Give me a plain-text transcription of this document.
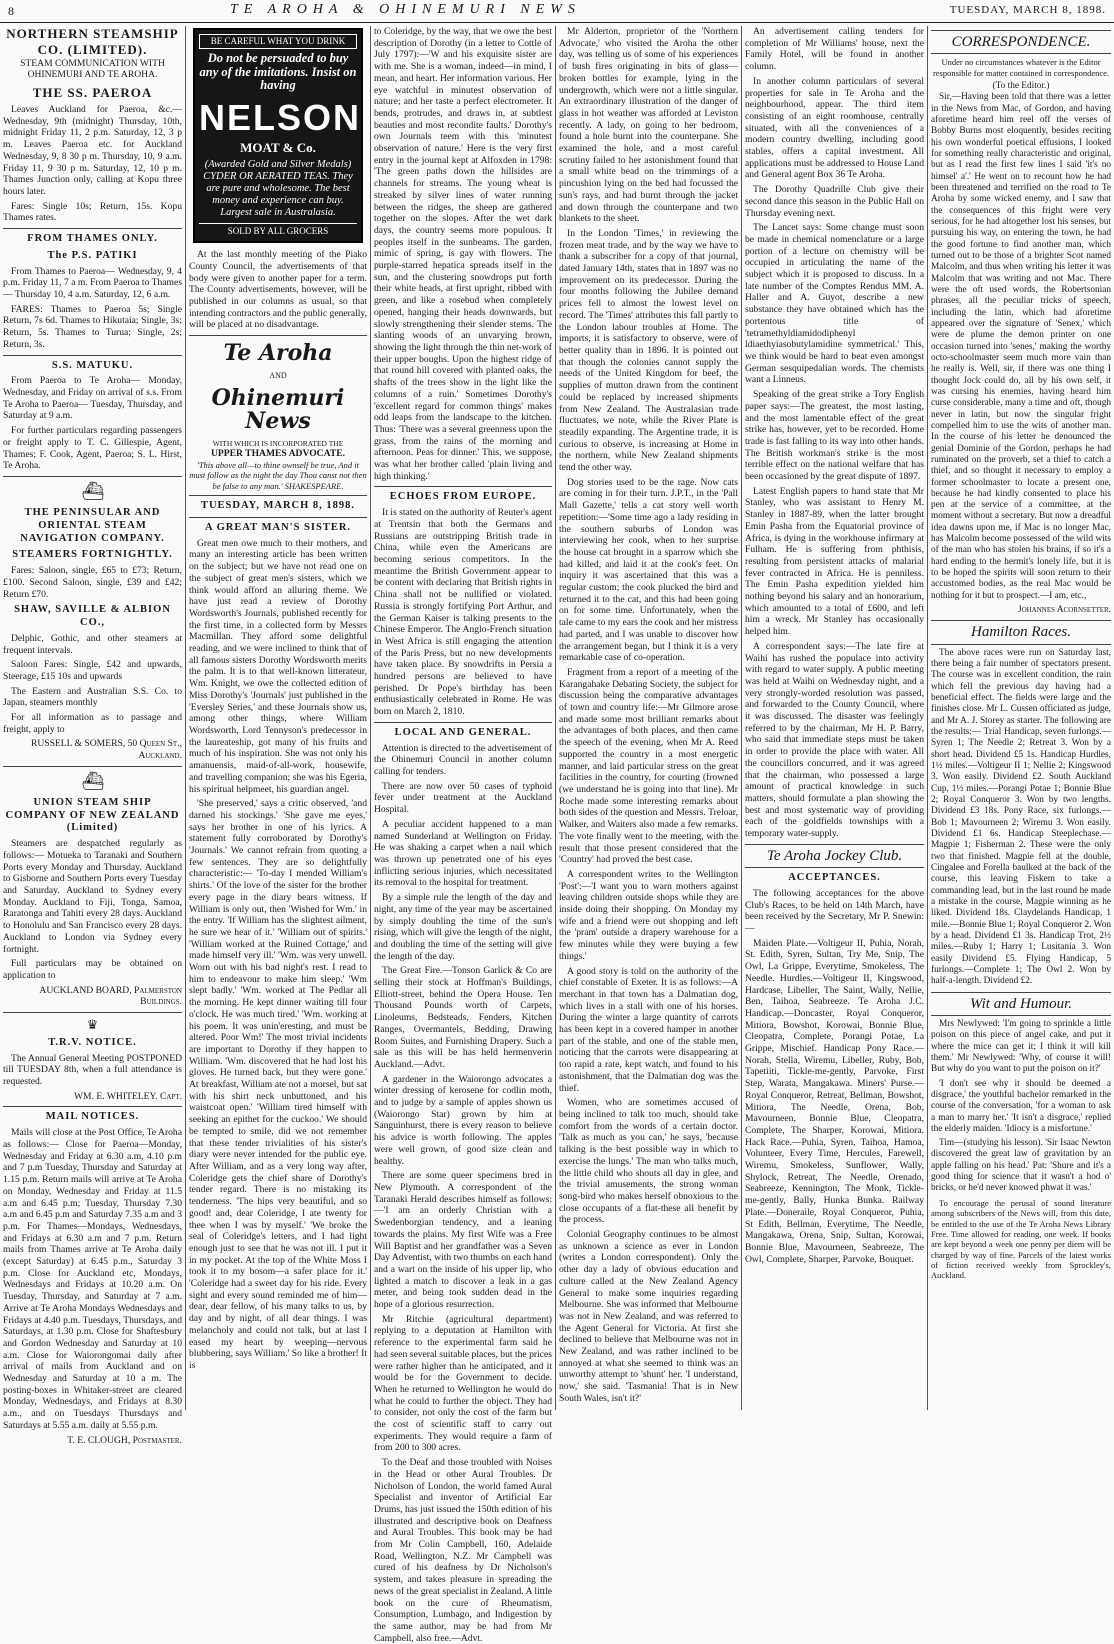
8	TE AROHA & OHINEMURI NEWS	TUESDAY, MARCH 8, 1898.
NORTHERN STEAMSHIP CO. (LIMITED).
STEAM COMMUNICATION WITH OHINEMURI AND TE AROHA.
THE SS. PAEROA

Leaves Auckland for Paeroa, &c.— Wednesday, 9th (midnight) Thursday, 10th, midnight Friday 11, 2 p.m. Saturday, 12, 3 p m. Leaves Paeroa etc. for Auckland Wednesday, 9, 8 30 p m. Thursday, 10, 9 a.m. Friday 11, 9 30 p m. Saturday, 12, 10 p m. Thames Junction only, calling at Kopu three hours later.

Fares: Single 10s; Return, 15s. Kopu Thames rates.

FROM THAMES ONLY.
The P.S. PATIKI

From Thames to Paeroa— Wednesday, 9, 4 p.m. Friday 11, 7 a m. From Paeroa to Thames— Thursday 10, 4 a.m. Saturday, 12, 6 a.m.

FARES: Thames to Paeroa 5s; Single Return, 7s 6d. Thames to Hikutaia; Single, 3s; Return, 5s. Thames to Turua; Single, 2s; Return, 3s.

S.S. MATUKU.

From Paeroa to Te Aroha— Monday, Wednesday, and Friday on arrival of s.s. From Te Aroha to Paeroa— Tuesday, Thursday, and Saturday at 9 a.m.

For further particulars regarding passengers or freight apply to T. C. Gillespie, Agent, Thames; F. Cook, Agent, Paeroa; S. L. Hirst, Te Aroha.

⛴
THE PENINSULAR AND ORIENTAL STEAM NAVIGATION COMPANY.
STEAMERS FORTNIGHTLY.

Fares: Saloon, single, £65 to £73; Return, £100. Second Saloon, single, £39 and £42; Return £70.

SHAW, SAVILLE & ALBION CO.,

Delphic, Gothic, and other steamers at frequent intervals.

Saloon Fares: Single, £42 and upwards, Steerage, £15 10s and upwards

The Eastern and Australian S.S. Co. to Japan, steamers monthly

For all information as to passage and freight, apply to

RUSSELL & SOMERS, 50 Queen St., Auckland.
⛴
UNION STEAM SHIP COMPANY OF NEW ZEALAND (Limited)

Steamers are despatched regularly as follows:— Motueka to Taranaki and Southern Ports every Monday and Thursday. Auckland to Gisborne and Southern Ports every Tuesday and Saturday. Auckland to Sydney every Monday. Auckland to Fiji, Tonga, Samoa, Raratonga and Tahiti every 28 days. Auckland to Honolulu and San Francisco every 28 days. Auckland to London via Sydney every fortnight.

Full particulars may be obtained on application to

AUCKLAND BOARD, Palmerston Buildings.
♛
T.R.V. NOTICE.

The Annual General Meeting POSTPONED till TUESDAY 8th, when a full attendance is requested.

WM. E. WHITELEY. Capt.
MAIL NOTICES.

Mails will close at the Post Office, Te Aroha as follows:— Close for Paeroa—Monday, Wednesday and Friday at 6.30 a.m, 4.10 p.m and 7 p.m Tuesday, Thursday and Saturday at 1.15 p.m. Return mails will arrive at Te Aroha on Monday, Wednesday and Friday at 11.5 a.m and 6.45 p.m; Tuesday, Thursday 7.30 a.m and 6.45 p.m and Saturday 7.35 a.m and 3 p.m. For Thames—Mondays, Wednesdays, and Fridays at 6.30 a.m and 7 p.m. Return mails from Thames arrive at Te Aroha daily (except Saturday) at 6.45 p.m., Saturday 3 p.m. Close for Auckland etc, Mondays, Wednesdays and Fridays at 10.20 a.m. On Tuesday, Thursday, and Saturday at 7 a.m. Arrive at Te Aroha Mondays Wednesdays and Fridays at 4.40 p.m. Tuesdays, Thursdays, and Saturdays, at 1.30 p.m. Close for Shaftesbury and Gordon Wednesday and Saturday at 10 a.m. Close for Waiorongomai daily after arrival of mails from Auckland and on Wednesday and Saturday at 10 a m. The posting-boxes in Whitaker-street are cleared Monday, Wednesdays, and Fridays at 8.30 a.m., and on Tuesdays Thursdays and Saturdays at 5.55 a.m. daily at 5.55 p.m.

T. E. CLOUGH, Postmaster.
BE CAREFUL WHAT YOU DRINK
Do not be persuaded to buy any of the imitations. Insist on having
NELSON
MOAT & Co.
(Awarded Gold and Silver Medals) CYDER OR AERATED TEAS. They are pure and wholesome. The best money and experience can buy. Largest sale in Australasia.
SOLD BY ALL GROCERS

At the last monthly meeting of the Piako County Council, the advertisements of that body were given to another paper for a term. The County advertisements, however, will be published in our columns as usual, so that intending contractors and the public generally, will be placed at no disadvantage.

Te Aroha
AND
Ohinemuri News
WITH WHICH IS INCORPORATED THE
UPPER THAMES ADVOCATE.

'This above all—to thine ownself be true, And it must follow as the night the day Thou canst not then be false to any man.' SHAKESPEARE.

TUESDAY, MARCH 8, 1898.
A GREAT MAN'S SISTER.

Great men owe much to their mothers, and many an interesting article has been written on the subject; but we have not read one on the subject of great men's sisters, which we think would afford an alluring theme. We have just read a review of Dorothy Wordsworth's Journals, published recently for the first time, in a collected form by Messrs Macmillan. They afford some delightful reading, and we were inclined to think that of all famous sisters Dorothy Wordsworth merits the palm. It is to that well-known litterateur, Wm. Knight, we owe the collected edition of Miss Dorothy's 'Journals' just published in the 'Eversley Series,' and these Journals show us, among other things, where William Wordsworth, Lord Tennyson's predecessor in the laureateship, got many of his fruits and much of his inspiration. She was not only his amanuensis, maid-of-all-work, housewife, and travelling companion; she was his Egeria, his spiritual helpmeet, his guardian angel.

'She preserved,' says a critic observed, 'and darned his stockings.' 'She gave me eyes,' says her brother in one of his lyrics. A statement fully corroborated by Dorothy's 'Journals.' We cannot refrain from quoting a few sentences. They are so delightfully characteristic:— 'To-day I mended William's shirts.' Of the love of the sister for the brother every page in the diary bears witness. If William is only out, then 'Wished for Wm.' in the entry. 'If William has the slightest ailment, he sure we hear of it.' 'William out of spirits.' 'William worked at the Ruined Cottage,' and made himself very ill.' 'Wm. was very unwell. Worn out with his bad night's rest. I read to him to endeavour to make him sleep.' 'Wm slept badly.' 'Wm. worked at The Pedlar all the morning. He kept dinner waiting till four o'clock. He was much tired.' 'Wm. working at his poem. It was unin'eresting, and must be altered. Poor Wm!' The most trivial incidents are important to Dorothy if they happen to William. 'Wm. discovered that he had lost his gloves. He turned back, but they were gone.' At breakfast, William ate not a morsel, but sat with his shirt neck unbuttoned, and his waistcoat open.' 'William tired himself with seeking an epithet for the cuckoo.' We should be tempted to smile, did we not remember that these tender trivialities of his sister's diary were never intended for the public eye. After William, and as a very long way after, Coleridge gets the chief share of Dorothy's tender regard. There is no mistaking its tenderness. 'The hips very beautiful, and so good! and, dear Coleridge, I ate twenty for thee when I was by myself.' 'We broke the seal of Coleridge's letters, and I had light enough just to see that he was not ill. I put it in my pocket. At the top of the White Moss I took it to my bosom—a safer place for it.' 'Coleridge had a sweet day for his ride. Every sight and every sound reminded me of him—dear, dear fellow, of his many talks to us, by day and by night, of all dear things. I was melancholy and could not talk, but at last I eased my heart by weeping—nervous blubbering, says William.' So like a brother! It is

to Coleridge, by the way, that we owe the best description of Dorothy (in a letter to Cottle of July 1797):—'W and his exquisite sister are with me. She is a woman, indeed—in mind, I mean, and heart. Her information various. Her eye watchful in minutest observation of nature; and her taste a perfect electrometer. It bends, protrudes, and draws in, at subtlest beauties and most recondite faults.' Dorothy's own Journals teem with this 'minutest observation of nature.' Here is the very first entry in the journal kept at Alfoxden in 1798: 'The green paths down the hillsides are channels for streams. The young wheat is streaked by silver lines of water running between the ridges, the sheep are gathered together on the slopes. After the wet dark days, the country seems more populous. It peoples itself in the sunbeams. The garden, mimic of spring, is gay with flowers. The purple-starred hepatica spreads itself in the sun, and the clustering snowdrops put forth their white heads, at first upright, ribbed with green, and like a rosebud when completely opened, hanging their heads downwards, but slowly strengthening their slender stems. The slanting woods of an unvarying brown, showing the light through the thin net-work of their upper boughs. Upon the highest ridge of that round hill covered with planted oaks, the shafts of the trees show in the light like the columns of a ruin.' Sometimes Dorothy's 'excellent regard for common things' makes odd leaps from the landscape to the kitchen. Thus: 'There was a several greenness upon the grass, from the rains of the morning and afternoon. Peas for dinner.' This, we suppose, was what her brother called 'plain living and high thinking.'

ECHOES FROM EUROPE.

It is stated on the authority of Reuter's agent at Trentsin that both the Germans and Russians are outstripping British trade in China, while even the Americans are becoming serious competitors. In the meantime the British Government appear to be content with declaring that British rights in China shall not be nullified or violated. Russia is strongly fortifying Port Arthur, and the German Kaiser is talking presents to the Chinese Emperor. The Anglo-French situation in West Africa is still engaging the attention of the Paris Press, but no new developments have taken place. By snowdrifts in Persia a hundred persons are believed to have perished. Dr Pope's birthday has been enthusiastically celebrated in Rome. He was born on March 2, 1810.

LOCAL AND GENERAL.

Attention is directed to the advertisement of the Ohinemuri Council in another column calling for tenders.

There are now over 50 cases of typhoid fever under treatment at the Auckland Hospital.

A peculiar accident happened to a man named Sunderland at Wellington on Friday. He was shaking a carpet when a nail which was thrown up penetrated one of his eyes inflicting serious injuries, which necessitated its removal to the hospital for treatment.

By a simple rule the length of the day and night, any time of the year may be ascertained by simply doubling the time of the sun's rising, which will give the length of the night, and doubling the time of the setting will give the length of the day.

The Great Fire.—Tonson Garlick & Co are selling their stock at Hoffman's Buildings, Elliott-street, behind the Opera House. Ten Thousand Pounds worth of Carpets, Linoleums, Bedsteads, Fenders, Kitchen Ranges, Overmantels, Bedding, Drawing Room Suites, and Furnishing Drapery. Such a sale as this will be has held hermenverin Auckland.—Advt.

A gardener in the Waiorongo advocates a winter dressing of kerosene for codlin moth, and to judge by a sample of apples shown us (Waiorongo Star) grown by him at Sanguinhurst, there is every reason to believe his advice is worth following. The apples were well grown, of good size clean and healthy.

There are some queer specimens bred in New Plymouth. A correspondent of the Taranaki Herald describes himself as follows:—'I am an orderly Christian with a Swedenborgian tendency, and a leaning towards the plains. My first Wife was a Free Will Baptist and her grandfather was a Seven Day Adventist, with two thumbs on each hand and a wart on the inside of his upper lip, who lighted a match to discover a leak in a gas meter, and being took sudden dead in the hope of a glorious resurrection.

Mr Ritchie (agricultural department) replying to a deputation at Hamilton with reference to the experimental farm said he had seen several suitable places, but the prices were rather higher than he anticipated, and it would be for the Government to decide. When he returned to Wellington he would do what he could to further the object. They had to consider, not only the cost of the farm but the cost of scientific staff to carry out experiments. They would require a farm of from 200 to 300 acres.

To the Deaf and those troubled with Noises in the Head or other Aural Troubles. Dr Nicholson of London, the world famed Aural Specialist and inventor of Artificial Ear Drums, has just issued the 150th edition of his illustrated and descriptive book on Deafness and Aural Troubles. This book may be had from Mr Colin Campbell, 160, Adelaide Road, Wellington, N.Z. Mr Campbell was cured of his deafness by Dr Nicholson's system, and takes pleasure in spreading the news of the great specialist in Zealand. A little book on the cure of Rheumatism, Consumption, Lumbago, and Indigestion by the same author, may be had from Mr Campbell, also free.—Advt.

Mr Alderton, proprietor of the 'Northern Advocate,' who visited the Aroha the other day, was telling us of some of his experiences of bush fires originating in bits of glass—broken bottles for example, lying in the undergrowth, which were not a little singular. An extraordinary illustration of the danger of glass in hot weather was afforded at Leviston recently. A lady, on going to her bedroom, found a hole burnt into the counterpane. She examined the hole, and a most careful scrutiny failed to her astonishment found that a small white bead on the trimmings of a pincushion lying on the bed had focussed the sun's rays, and had burnt through the jacket and down through the counterpane and two blankets to the sheet.

In the London 'Times,' in reviewing the frozen meat trade, and by the way we have to thank a subscriber for a copy of that journal, dated January 14th, states that in 1897 was no improvement on its predecessor. During the four months following the Jubilee demand prices fell to almost the lowest level on record. The 'Times' attributes this fall partly to the London labour troubles at Home. The imports, it is satisfactory to observe, were of better quality than in 1896. It is pointed out that though the colonies cannot supply the needs of the United Kingdom for beef, the supplies of mutton drawn from the continent could be replaced by increased shipments from New Zealand. The Australasian trade fluctuates, we note, while the River Plate is steadily expanding. The Argentine trade, it is curious to observe, is increasing at Home in the northern, while New Zealand shipments tend the other way.

Dog stories used to be the rage. Now cats are coming in for their turn. J.P.T., in the 'Pall Mall Gazette,' tells a cat story well worth repetition:—'Some time ago a lady residing in the southern suburbs of London was interviewing her cook, when to her surprise the house cat brought in a sparrow which she had killed, and laid it at the cook's feet. On inquiry it was ascertained that this was a regular custom; the cook plucked the bird and returned it to the cat, and this had been going on for some time. Unfortunately, when the tale came to my ears the cook and her mistress had parted, and I was unable to discover how the arrangement began, but I think it is a very remarkable case of co-operation.

Fragment from a report of a meeting of the Karangahake Debating Society, the subject for discussion being the comparative advantages of town and country life:—Mr Gilmore arose and made some most brilliant remarks about the advantages of both places, and then came the speech of the evening, when Mr A. Reed supported the country in a most energetic manner, and laid particular stress on the great facilities in the country, for courting (frowned (we understand he is going into that line). Mr Roche made some interesting remarks about both sides of the question and Messrs. Treloar, Walker, and Waiters also made a few remarks. The vote finally went to the meeting, with the result that those present considered that the 'Country' had proved the best case.

A correspondent writes to the Wellington 'Post':—'I want you to warn mothers against leaving children outside shops while they are inside doing their shopping. On Monday my wife and a friend were out shopping and left the 'pram' outside a drapery warehouse for a few minutes while they were buying a few things.'

A good story is told on the authority of the chief constable of Exeter. It is as follows:—A merchant in that town has a Dalmatian dog, which lives in a stall with one of his horses. During the winter a large quantity of carrots has been kept in a covered hamper in another part of the stable, and one of the stable men, noticing that the carrots were disappearing at too rapid a rate, kept watch, and found to his astonishment, that the Dalmatian dog was the thief.

Women, who are sometimes accused of being inclined to talk too much, should take comfort from the words of a certain doctor. 'Talk as much as you can,' he says, 'because talking is the best possible way in which to exercise the lungs.' The man who talks much, the little child who shouts all day in glee, and the trivial amusements, the strong woman song-bird who makes herself obnoxious to the close occupants of a flat-these all benefit by the process.

Colonial Geography continues to be almost as unknown a science as ever in London (writes a London correspondent). Only the other day a lady of obvious education and culture called at the New Zealand Agency General to make some inquiries regarding Melbourne. She was informed that Melbourne was not in New Zealand, and was referred to the Agent General for Victoria. At first she declined to believe that Melbourne was not in New Zealand, and was rather inclined to be annoyed at what she seemed to think was an unworthy attempt to 'shunt' her. 'I understand, now,' she said. 'Tasmania! That is in New South Wales, isn't it?'

An advertisement calling tenders for completion of Mr Williams' house, next the Family Hotel, will be found in another column.

In another column particulars of several properties for sale in Te Aroha and the neighbourhood, appear. The third item consisting of an eight roomhouse, centrally situated, with all the conveniences of a modern country dwelling, including good stables, offers a capital investment. All applications must be addressed to House Land and General agent Box 36 Te Aroha.

The Dorothy Quadrille Club give their second dance this season in the Public Hall on Thursday evening next.

The Lancet says: Some change must soon be made in chemical nomenclature or a large portion of a lecture on chemistry will be occupied in articulating the name of the subject which it is proposed to discuss. In a late number of the Comptes Rendus MM. A. Haller and A. Guyot, describe a new substance they have obtained which has the portentous title of 'tetramethyldiamidodiphenyl ldiaethyiasobutylamidine symmetrical.' This, we think would be hard to beat even amongst German sesquipedalian words. The chemists want a Linneus.

Speaking of the great strike a Tory English paper says:—The greatest, the most lasting, and the most lamentable effect of the great strike has, however, yet to be recorded. Home trade is fast falling to its way into other hands. The British workman's strike is the most terrible effect on the national welfare that has been occasioned by the great dispute of 1897.

Latest English papers to hand state that Mr Stanley, who was assistant to Henry M. Stanley in 1887-89, when the latter brought Emin Pasha from the Equatorial province of Africa, is dying in the workhouse infirmary at Fulham. He is suffering from phthisis, resulting from persistent attacks of malarial fever contracted in Africa. He is penniless. The Emin Pasha expedition yielded him nothing beyond his salary and an honorarium, which amounted to a total of £600, and left him a wreck. Mr Stanley has occasionally helped him.

A correspondent says:—The late fire at Waihi has rushed the populace into activity with regard to water supply. A public meeting was held at Waihi on Wednesday night, and a very strongly-worded resolution was passed, and forwarded to the County Council, where it was discussed. The disaster was feelingly referred to by the chairman, Mr H. P. Barry, who said that immediate steps must be taken in order to provide the place with water. All the councillors concurred, and it was agreed that the chairman, who possessed a large amount of practical knowledge in such matters, should formulate a plan showing the best and most systematic way of providing each of the goldfields townships with a temporary water-supply.

Te Aroha Jockey Club.
ACCEPTANCES.

The following acceptances for the above Club's Races, to be held on 14th March, have been received by the Secretary, Mr P. Snewin:—

Maiden Plate.—Voltigeur II, Puhia, Norah, St. Edith, Syren, Sultan, Try Me, Snip, The Owl, La Grippe, Everytime, Smokeless, The Needle. Hurdles.—Voltigeur II, Kingswood, Hardcase, Libeller, The Saint, Wally, Nellie, Ben, Taihoa, Seabreeze. Te Aroha J.C. Handicap.—Doncaster, Royal Conqueror, Mitiora, Bowshot, Korowai, Bonnie Blue, Cleopatra, Complete, Porangi Potae, La Grippe, Mischief. Handicap Pony Race.—Norah, Stella, Wiremu, Libeller, Ruby, Bob, Tapetiiti, Tickle-me-gently, Parvoke, First Step, Warata, Mangakawa. Miners' Purse.—Royal Conqueror, Retreat, Bellman, Bowshot, Mitiora, The Needle, Orena, Bob, Mavourneen, Bonnie Blue, Cleopatra, Complete, The Sharper, Korowai, Mitiora. Hack Race.—Puhia, Syren, Taihoa, Hamoa, Volunteer, Every Time, Hercules, Farewell, Wiremu, Smokeless, Sunflower, Wally, Shylock, Retreat, The Needle, Orenado, Seabreeze, Kennington, The Monk, Tickle-me-gently, Bally, Hunka Bunka. Railway Plate.—Doneraile, Royal Conqueror, Puhia, St Edith, Bellman, Everytime, The Needle, Mangakawa, Orena, Snip, Sultan, Korowai, Bonnie Blue, Mavourneen, Seabreeze, The Owl, Complete, Sharper, Parvoke, Bouquet.

CORRESPONDENCE.

Under no circumstances whatever is the Editor responsible for matter contained in correspondence.

(To the Editor.)

Sir,—Having been told that there was a letter in the News from Mac, of Gordon, and having aforetime heard him reel off the verses of Bobby Burns most eloquently, besides reciting his own wonderful poetical effusions, I looked for something really characteristic and original, but as I read the first few lines I said 'it's no himsel' a'.' He went on to recount how he had been threatened and terrified on the road to Te Aroha by some wicked enemy, and I saw that the consequences of this fright were very serious, for he had altogether lost his senses, but pursuing his way, on entering the town, he had the good fortune to find another man, which turned out to be those of a brighter Scot named Malcolm, and thus when writing his letter it was Malcolm that was writing and not Mac. There were the oft used words, the Robertsonian phrases, all the peculiar tricks of speech, including the latin, which had aforetime appeared over the signature of 'Senex,' which were de plume the demon printer on one occasion turned into 'senes,' making the worthy octo-schoolmaster seem much more vain than he really is. Well, sir, if there was one thing I thought Jock could do, all by his own self, it was cursing his enemies, having heard him curse considerable, many a time and oft, though never in latin, but now the singular fright compelled him to use the wits of another man. In the course of his letter he denounced the genial Dominie of the Gordon, perhaps he had ruminated on the proverb, set a thief to catch a thief, and so thought it necessary to employ a former schoolmaster to locate a present one, because he had kindly consented to place his pen at the service of a committee, at the moment without a secretary. But now a dreadful idea dawns upon me, if Mac is no longer Mac, has Malcolm become possessed of the wild wits of the man who has stolen his brains, if so it's a hard ending to the hermit's lonely life, but it is to be hoped the spirits will soon return to their accustomed bodies, as the real Mac would be nothing for it but to prospect.—I am, etc.,

Johannes Acornsetter.
Hamilton Races.

The above races were run on Saturday last, there being a fair number of spectators present. The course was in excellent condition, the rain which fell the previous day having had a beneficial effect. The fields were large and the finishes close. Mr L. Cussen officiated as judge, and Mr A. J. Storey as starter. The following are the results:— Trial Handicap, seven furlongs.—Syren 1; The Needle 2; Retreat 3. Won by a short head. Dividend £5 1s. Handicap Hurdles, 1½ miles.—Voltigeur II 1; Nellie 2; Kingswood 3. Won easily. Dividend £2. South Auckland Cup, 1½ miles.—Porangi Potae 1; Bonnie Blue 2; Royal Conqueror 3. Won by two lengths. Dividend £3 18s. Pony Race, six furlongs.—Bob 1; Mavourneen 2; Wiremu 3. Won easily. Dividend £1 6s. Handicap Steeplechase.—Magpie 1; Fisherman 2. These were the only two that finished. Magpie fell at the double, Cingalee and Forella baulked at the back of the course, this leaving Fiskem to take a commanding lead, but in the last round he made a mistake in the course, Magpie winning as he liked. Dividend 18s. Claydelands Handicap, 1 mile.—Bonnie Blue 1; Royal Conqueror 2. Won by a head. Dividend £1 3s. Handicap Trot, 2½ miles.—Ruby 1; Harry 1; Lusitania 3. Won easily Dividend £5. Flying Handicap, 5 furlongs.—Complete 1; The Owl 2. Won by half-a-length. Dividend £2.

Wit and Humour.

Mrs Newlywed: 'I'm going to sprinkle a little poison on this piece of angel cake, and put it where the mice can get it; I think it will kill them.' Mr Newlywed: 'Why, of course it will! But why do you want to put the poison on it?'

'I don't see why it should be deemed a disgrace,' the youthful bachelor remarked in the course of the conversation, 'for a woman to ask a man to marry her.' 'It isn't a disgrace,' replied the elderly maiden. 'Idiocy is a misfortune.'

Tim—(studying his lesson). 'Sir Isaac Newton discovered the great law of gravitation by an apple falling on his head.' Pat: 'Shure and it's a good thing for science that it wasn't a hod o' bricks, or he'd never knowed phwat it was.'

To encourage the perusal of sound literature among subscribers of the News will, from this date, be entitled to the use of the Te Aroha News Library Free. Time allowed for reading, one week. If books are kept beyond a week one penny per diem will be charged by way of fine. Parcels of the latest works of fiction received weekly from Sprockley's, Auckland.
